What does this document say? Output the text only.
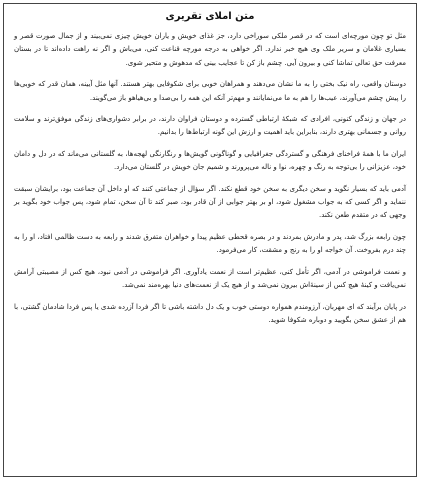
متن املای تقریری

مثل تو چون مورچه‌ای است که در قصر ملکی سوراخی دارد، جز غذای خویش و یاران خویش چیزی نمی‌بیند و از جمال صورت قصر و بسیاری غلامان و سریر ملک وی هیچ خبر ندارد. اگر خواهی به درجه مورچه قناعت کنی، می‌باش و اگر نه راهت داده‌اند تا در بستان معرفت حق تعالی تماشا کنی و بیرون آیی. چشم باز کن تا عجایب بینی که مدهوش و متحیر شوی.

دوستان واقعی، راه نیک بختی را به ما نشان می‌دهند و همراهان خوبی برای شکوفایی بهتر هستند. آنها مثل آیینه، همان قدر که خوبی‌ها را پیش چشم می‌آورند، عیب‌ها را هم به ما می‌نمایانند و مهم‌تر آنکه این همه را بی‌صدا و بی‌هیاهو باز می‌گویند.

در جهان و زندگی کنونی، افرادی که شبکهٔ ارتباطی گسترده و دوستان فراوان دارند، در برابر دشواری‌های زندگی موفق‌ترند و سلامت روانی و جسمانی بهتری دارند، بنابراین باید اهمیت و ارزش این گونه ارتباط‌ها را بدانیم.

ایران ما با همهٔ فراخنای فرهنگی و گستردگی جغرافیایی و گوناگونی گویش‌ها و رنگارنگی لهجه‌ها، به گلستانی می‌ماند که در دل و دامان خود، عزیزانی را بی‌توجه به رنگ و چهره، نوا و ناله می‌پرورند و شمیم جان خویش در گلستان می‌دارد.

آدمی باید که بسیار نگوید و سخن دیگری به سخن خود قطع نکند. اگر سؤال از جماعتی کنند که او داخل آن جماعت بود، برایشان سبقت ننماید و اگر کسی که به جواب مشغول شود، او بر بهتر جوابی از آن قادر بود، صبر کند تا آن سخن، تمام شود، پس جواب خود بگوید بر وجهی که در متقدم طعن نکند.

چون رابعه بزرگ شد، پدر و مادرش بمردند و در بصره قحطی عظیم پیدا و خواهران متفرق شدند و رابعه به دست ظالمی افتاد، او را به چند درم بفروخت. آن خواجه او را به رنج و مشقت، کار می‌فرمود.

و نعمت فراموشی در آدمی، اگر تأمل کنی، عظیم‌تر است از نعمت یادآوری. اگر فراموشی در آدمی نبود، هیچ کس از مصیبتی آرامش نمی‌یافت و کینهٔ هیچ کس از سینهٔ‌اش بیرون نمی‌شد و از هیچ یک از نعمت‌های دنیا بهره‌مند نمی‌شد.

در پایان برآیند که ای مهربان، آرزومندم همواره دوستی خوب و یک دل داشته باشی تا اگر فردا آزرده شدی یا پس فردا شادمان گشتی، با هم از عشق سخن بگویید و دوباره شکوفا شوید.
